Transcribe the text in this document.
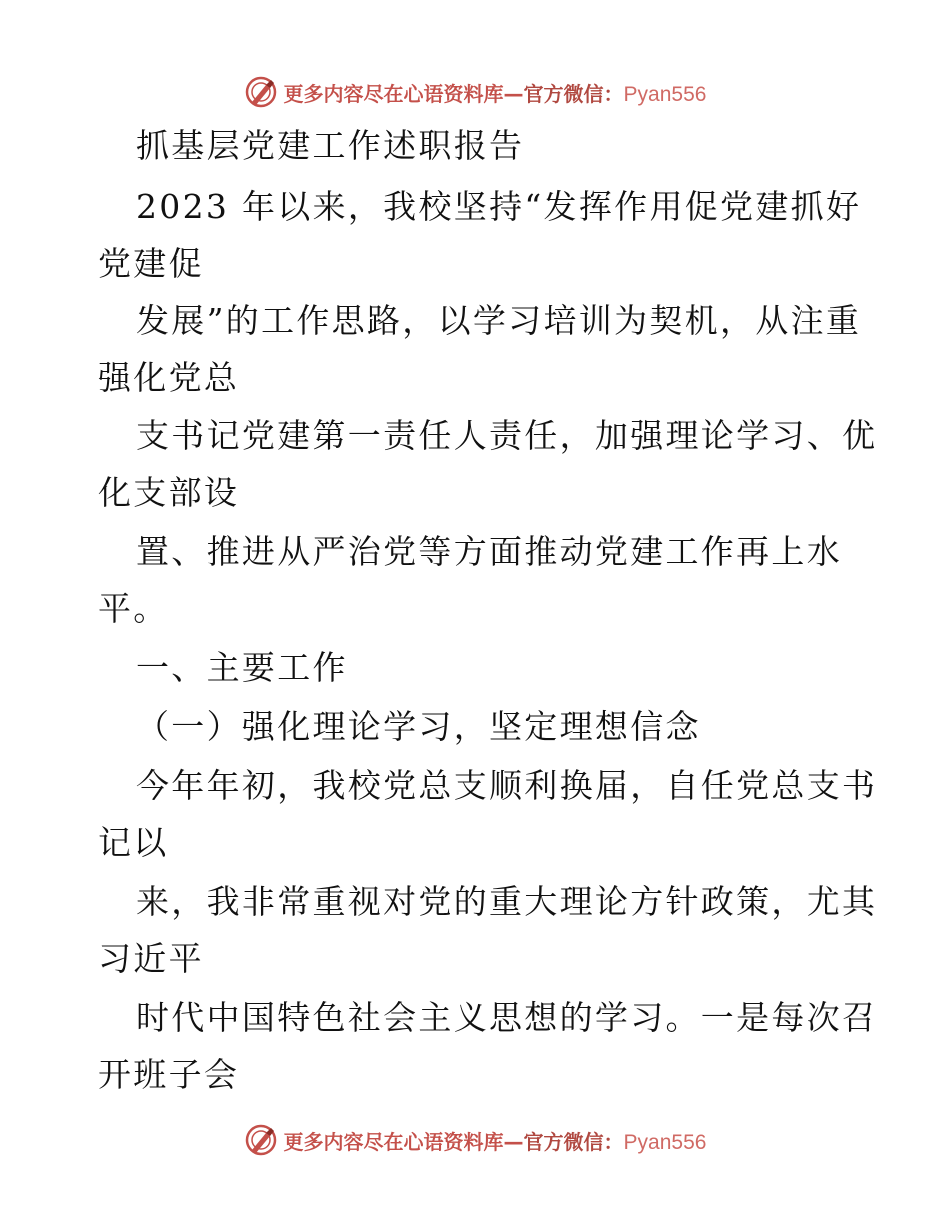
更多内容尽在心语资料库—官方微信：Pyan556
抓基层党建工作述职报告
2023 年以来，我校坚持“发挥作用促党建抓好
党建促
发展”的工作思路，以学习培训为契机，从注重
强化党总
支书记党建第一责任人责任，加强理论学习、优
化支部设
置、推进从严治党等方面推动党建工作再上水
平。
一、主要工作
（一）强化理论学习，坚定理想信念
今年年初，我校党总支顺利换届，自任党总支书
记以
来，我非常重视对党的重大理论方针政策，尤其
习近平
时代中国特色社会主义思想的学习。一是每次召
开班子会
更多内容尽在心语资料库—官方微信：Pyan556
